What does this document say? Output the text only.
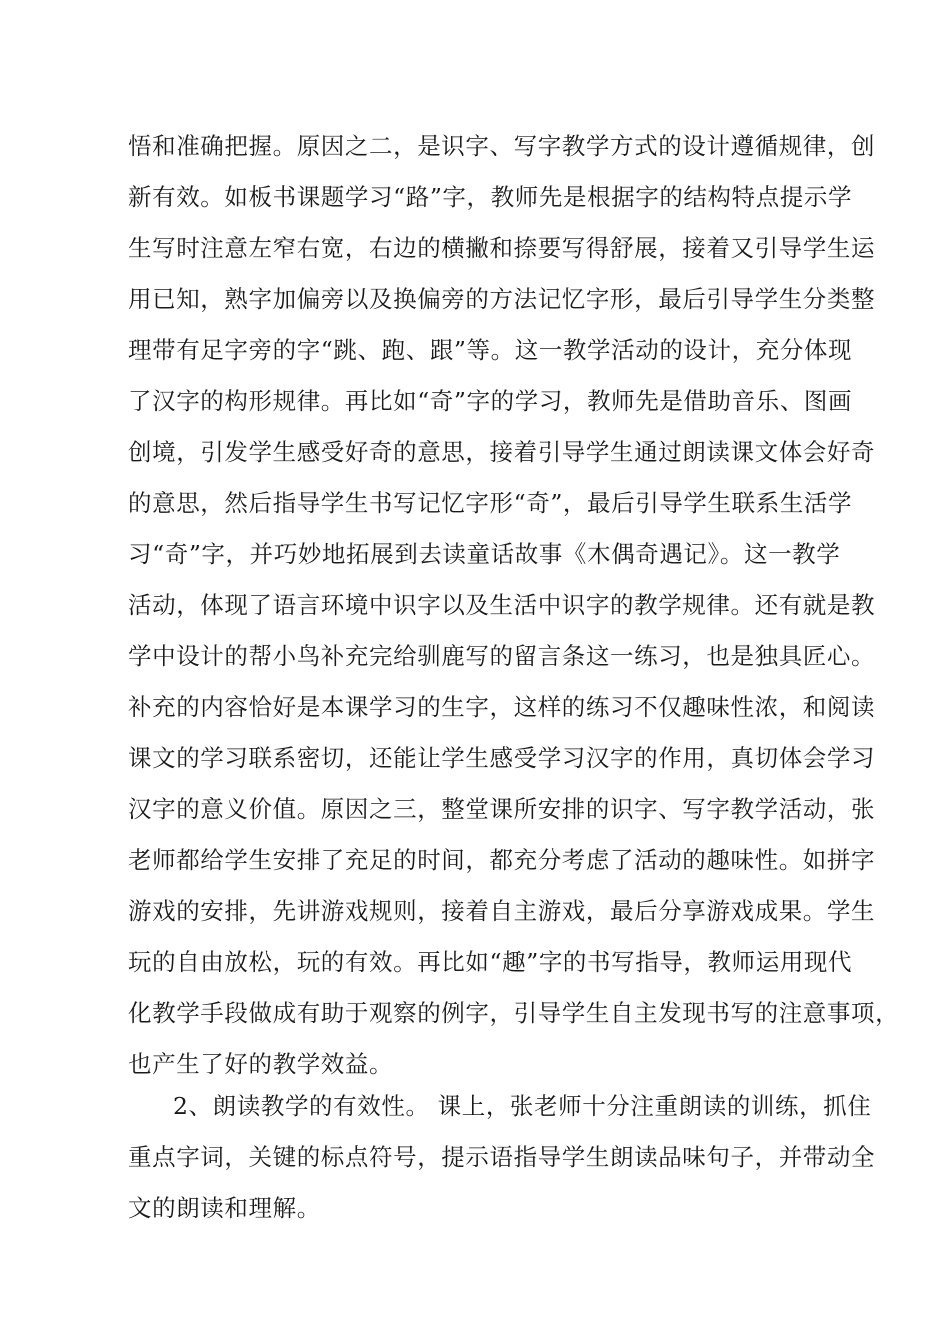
悟和准确把握。原因之二，是识字、写字教学方式的设计遵循规律，创
新有效。如板书课题学习“路”字，教师先是根据字的结构特点提示学
生写时注意左窄右宽，右边的横撇和捺要写得舒展，接着又引导学生运
用已知，熟字加偏旁以及换偏旁的方法记忆字形，最后引导学生分类整
理带有足字旁的字“跳、跑、跟”等。这一教学活动的设计，充分体现
了汉字的构形规律。再比如“奇”字的学习，教师先是借助音乐、图画
创境，引发学生感受好奇的意思，接着引导学生通过朗读课文体会好奇
的意思，然后指导学生书写记忆字形“奇”，最后引导学生联系生活学
习“奇”字，并巧妙地拓展到去读童话故事《木偶奇遇记》。这一教学
活动，体现了语言环境中识字以及生活中识字的教学规律。还有就是教
学中设计的帮小鸟补充完给驯鹿写的留言条这一练习，也是独具匠心。
补充的内容恰好是本课学习的生字，这样的练习不仅趣味性浓，和阅读
课文的学习联系密切，还能让学生感受学习汉字的作用，真切体会学习
汉字的意义价值。原因之三，整堂课所安排的识字、写字教学活动，张
老师都给学生安排了充足的时间，都充分考虑了活动的趣味性。如拼字
游戏的安排，先讲游戏规则，接着自主游戏，最后分享游戏成果。学生
玩的自由放松，玩的有效。再比如“趣”字的书写指导，教师运用现代
化教学手段做成有助于观察的例字，引导学生自主发现书写的注意事项，
也产生了好的教学效益。
2、朗读教学的有效性。 课上，张老师十分注重朗读的训练，抓住
重点字词，关键的标点符号，提示语指导学生朗读品味句子，并带动全
文的朗读和理解。
